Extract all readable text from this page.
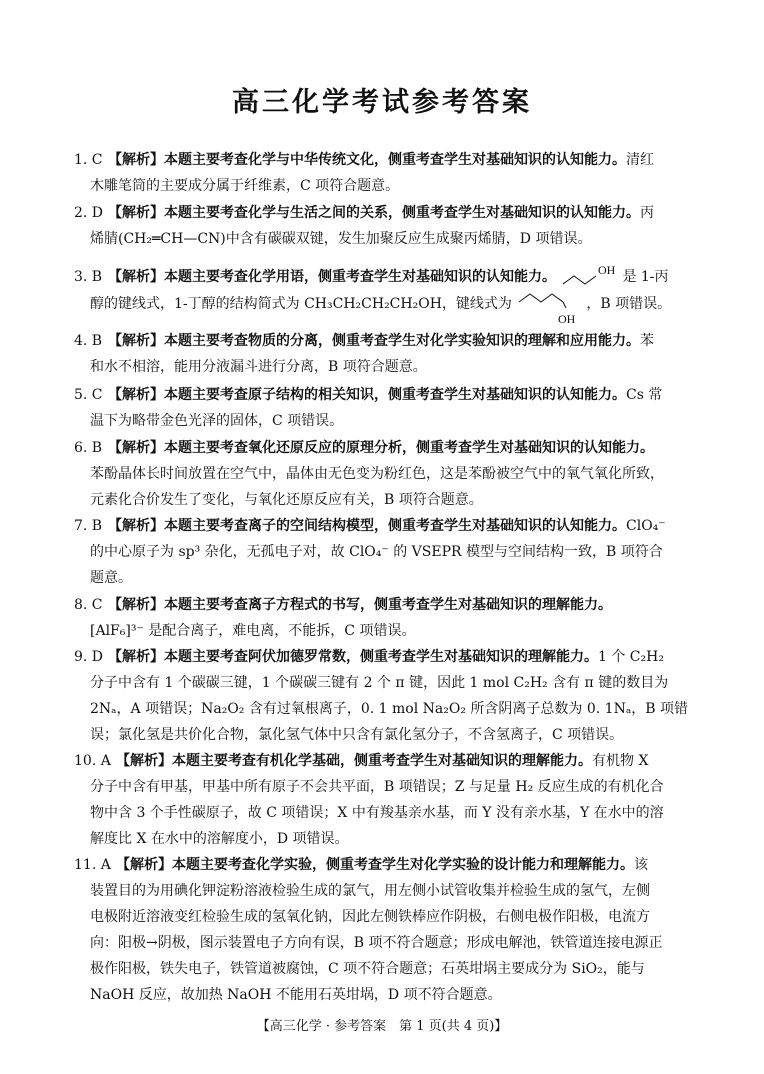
高三化学考试参考答案
1. C 【解析】本题主要考查化学与中华传统文化，侧重考查学生对基础知识的认知能力。清红
木雕笔筒的主要成分属于纤维素，C 项符合题意。
2. D 【解析】本题主要考查化学与生活之间的关系，侧重考查学生对基础知识的认知能力。丙
烯腈(CH₂═CH—CN)中含有碳碳双键，发生加聚反应生成聚丙烯腈，D 项错误。
3. B 【解析】本题主要考查化学用语，侧重考查学生对基础知识的认知能力。	OH 是 1-丙
醇的键线式，1-丁醇的结构简式为 CH₃CH₂CH₂CH₂OH，键线式为
OH
，B 项错误。
4. B 【解析】本题主要考查物质的分离，侧重考查学生对化学实验知识的理解和应用能力。苯
和水不相溶，能用分液漏斗进行分离，B 项符合题意。
5. C 【解析】本题主要考查原子结构的相关知识，侧重考查学生对基础知识的认知能力。Cs 常
温下为略带金色光泽的固体，C 项错误。
6. B 【解析】本题主要考查氧化还原反应的原理分析，侧重考查学生对基础知识的认知能力。
苯酚晶体长时间放置在空气中，晶体由无色变为粉红色，这是苯酚被空气中的氧气氧化所致，
元素化合价发生了变化，与氧化还原反应有关，B 项符合题意。
7. B 【解析】本题主要考查离子的空间结构模型，侧重考查学生对基础知识的认知能力。ClO₄⁻
的中心原子为 sp³ 杂化，无孤电子对，故 ClO₄⁻ 的 VSEPR 模型与空间结构一致，B 项符合
题意。
8. C 【解析】本题主要考查离子方程式的书写，侧重考查学生对基础知识的理解能力。
[AlF₆]³⁻ 是配合离子，难电离，不能拆，C 项错误。
9. D 【解析】本题主要考查阿伏加德罗常数，侧重考查学生对基础知识的理解能力。1 个 C₂H₂
分子中含有 1 个碳碳三键，1 个碳碳三键有 2 个 π 键，因此 1 mol C₂H₂ 含有 π 键的数目为
2Nₐ，A 项错误；Na₂O₂ 含有过氧根离子，0. 1 mol Na₂O₂ 所含阴离子总数为 0. 1Nₐ，B 项错
误；氯化氢是共价化合物，氯化氢气体中只含有氯化氢分子，不含氢离子，C 项错误。
10. A 【解析】本题主要考查有机化学基础，侧重考查学生对基础知识的理解能力。有机物 X
分子中含有甲基，甲基中所有原子不会共平面，B 项错误；Z 与足量 H₂ 反应生成的有机化合
物中含 3 个手性碳原子，故 C 项错误；X 中有羧基亲水基，而 Y 没有亲水基，Y 在水中的溶
解度比 X 在水中的溶解度小，D 项错误。
11. A 【解析】本题主要考查化学实验，侧重考查学生对化学实验的设计能力和理解能力。该
装置目的为用碘化钾淀粉溶液检验生成的氯气，用左侧小试管收集并检验生成的氢气，左侧
电极附近溶液变红检验生成的氢氧化钠，因此左侧铁棒应作阴极，右侧电极作阳极，电流方
向：阳极→阴极，图示装置电子方向有误，B 项不符合题意；形成电解池，铁管道连接电源正
极作阳极，铁失电子，铁管道被腐蚀，C 项不符合题意；石英坩埚主要成分为 SiO₂，能与
NaOH 反应，故加热 NaOH 不能用石英坩埚，D 项不符合题意。
【高三化学 · 参考答案　第 1 页(共 4 页)】
